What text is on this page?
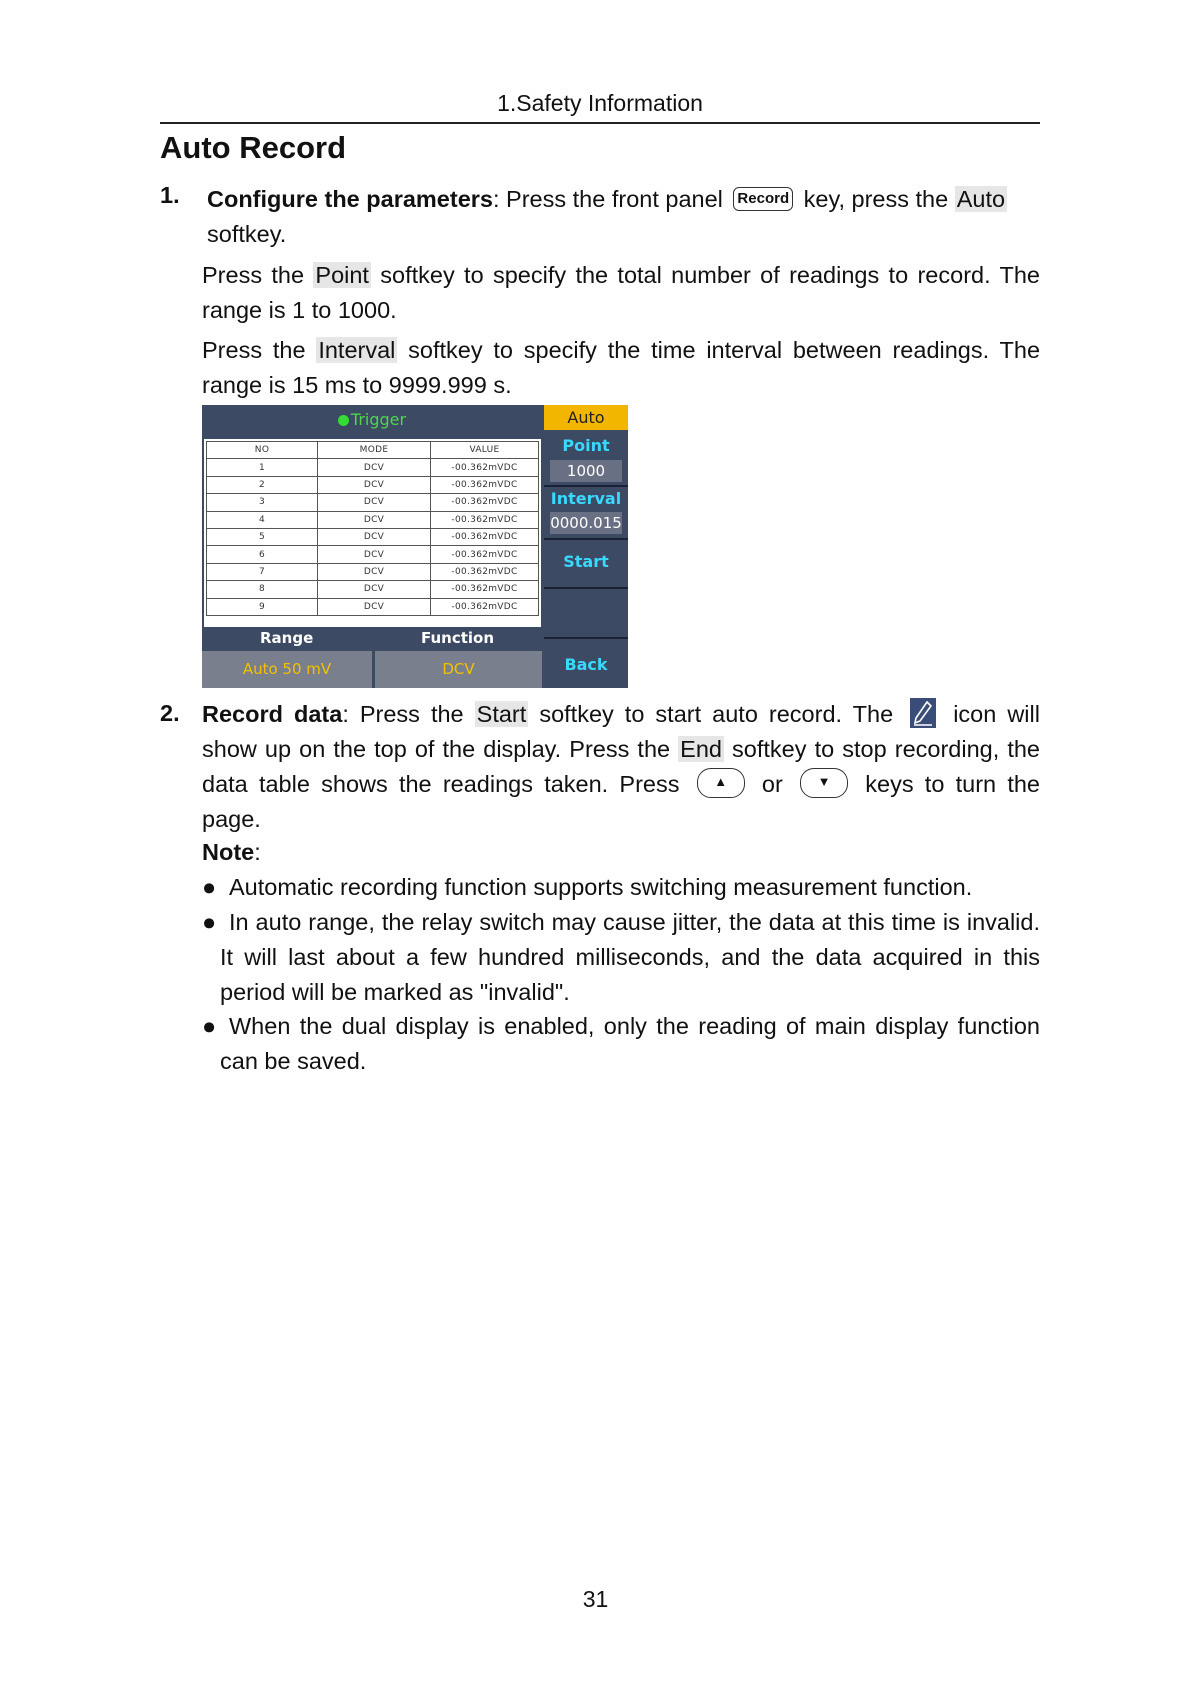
1.Safety Information
Auto Record
1. Configure the parameters: Press the front panel Record key, press the Auto
softkey.
Press the Point softkey to specify the total number of readings to record. The range is 1 to 1000.
Press the Interval softkey to specify the time interval between readings. The range is 15 ms to 9999.999 s.
Trigger
NO	MODE	VALUE
1	DCV	-00.362mVDC
2	DCV	-00.362mVDC
3	DCV	-00.362mVDC
4	DCV	-00.362mVDC
5	DCV	-00.362mVDC
6	DCV	-00.362mVDC
7	DCV	-00.362mVDC
8	DCV	-00.362mVDC
9	DCV	-00.362mVDC
Range	Function
Auto 50 mV	DCV
Auto
Point
1000
Interval
0000.015
Start
Back
2. Record data: Press the Start softkey to start auto record. The  icon will show up on the top of the display. Press the End softkey to stop recording, the data table shows the readings taken. Press	▲	or	▼	keys to turn the page.
Note:
● Automatic recording function supports switching measurement function.
● In auto range, the relay switch may cause jitter, the data at this time is invalid. It will last about a few hundred milliseconds, and the data acquired in this period will be marked as "invalid".
● When the dual display is enabled, only the reading of main display function can be saved.
31
